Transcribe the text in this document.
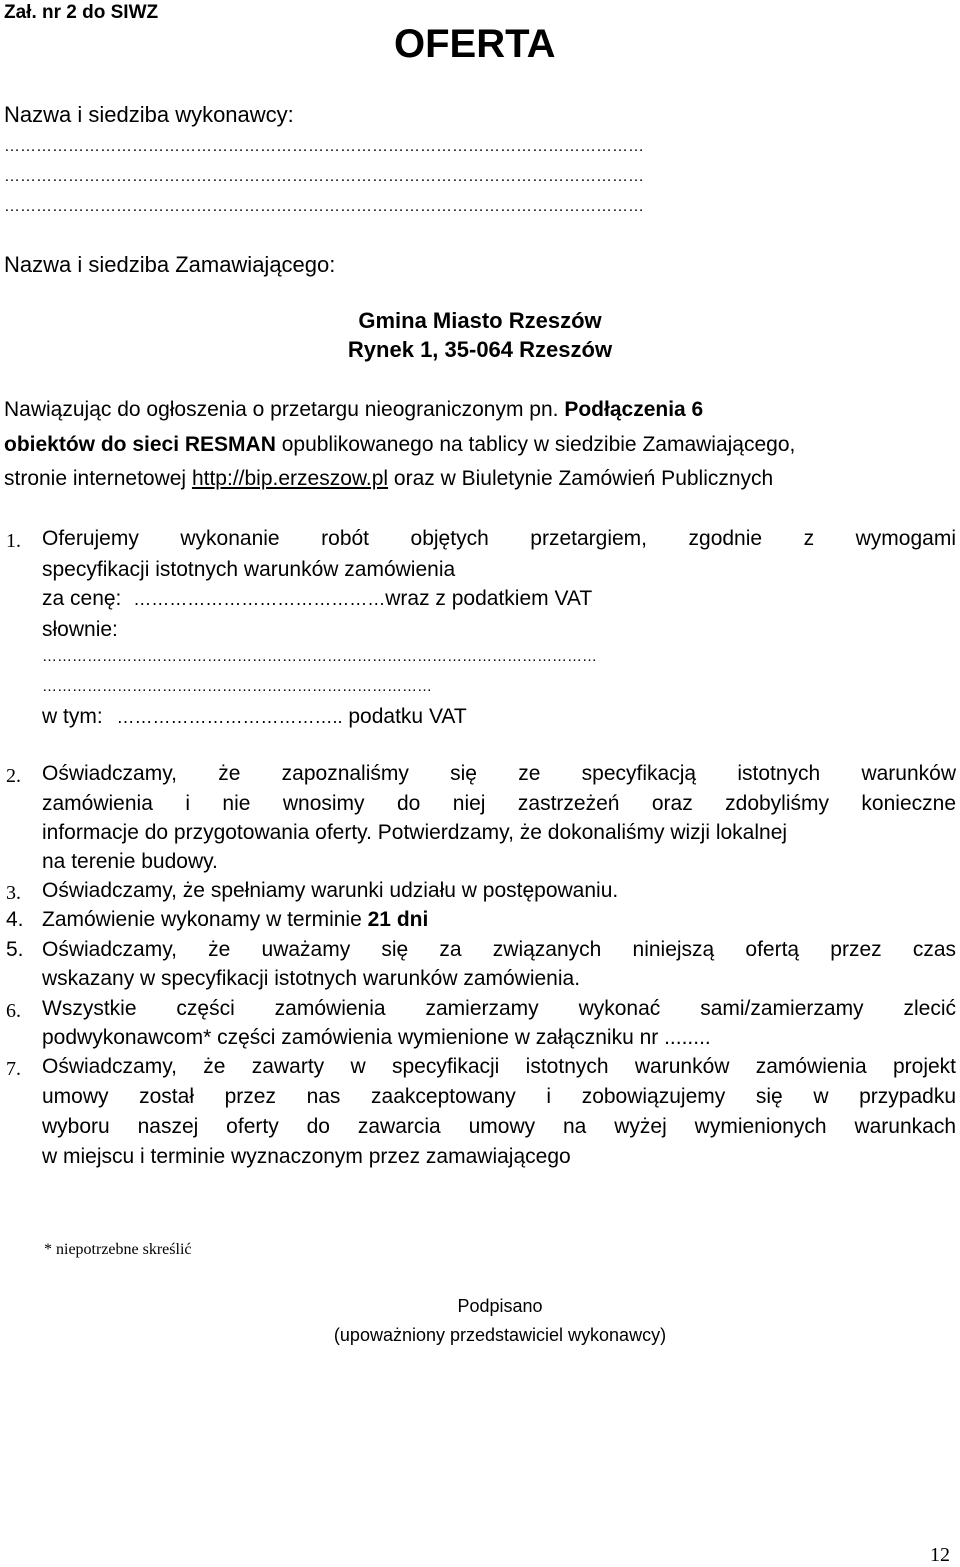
Zał. nr 2 do SIWZ
OFERTA
Nazwa i siedziba wykonawcy:
…………………………………………………………………………………………………………
…………………………………………………………………………………………………………
…………………………………………………………………………………………………………
Nazwa i siedziba Zamawiającego:
Gmina Miasto Rzeszów
Rynek 1, 35-064 Rzeszów
Nawiązując do ogłoszenia o przetargu nieograniczonym pn. Podłączenia 6
obiektów do sieci RESMAN opublikowanego na tablicy w siedzibie Zamawiającego,
stronie internetowej http://bip.erzeszow.pl oraz w Biuletynie Zamówień Publicznych
1. Oferujemy wykonanie robót objętych przetargiem, zgodnie z wymogami
specyfikacji istotnych warunków zamówienia
za cenę: ……………………………………wraz z podatkiem VAT
słownie:
…………………………………………………………………………………………………
……………………………………………………………………
w tym: ……………………………….. podatku VAT
2. Oświadczamy, że zapoznaliśmy się ze specyfikacją istotnych warunków
zamówienia i nie wnosimy do niej zastrzeżeń oraz zdobyliśmy konieczne
informacje do przygotowania oferty. Potwierdzamy, że dokonaliśmy wizji lokalnej
na terenie budowy.
3. Oświadczamy, że spełniamy warunki udziału w postępowaniu.
4. Zamówienie wykonamy w terminie 21 dni
5. Oświadczamy, że uważamy się za związanych niniejszą ofertą przez czas
wskazany w specyfikacji istotnych warunków zamówienia.
6. Wszystkie części zamówienia zamierzamy wykonać sami/zamierzamy zlecić
podwykonawcom* części zamówienia wymienione w załączniku nr ........
7. Oświadczamy, że zawarty w specyfikacji istotnych warunków zamówienia projekt
umowy został przez nas zaakceptowany i zobowiązujemy się w przypadku
wyboru naszej oferty do zawarcia umowy na wyżej wymienionych warunkach
w miejscu i terminie wyznaczonym przez zamawiającego
* niepotrzebne skreślić
Podpisano
(upoważniony przedstawiciel wykonawcy)
12
